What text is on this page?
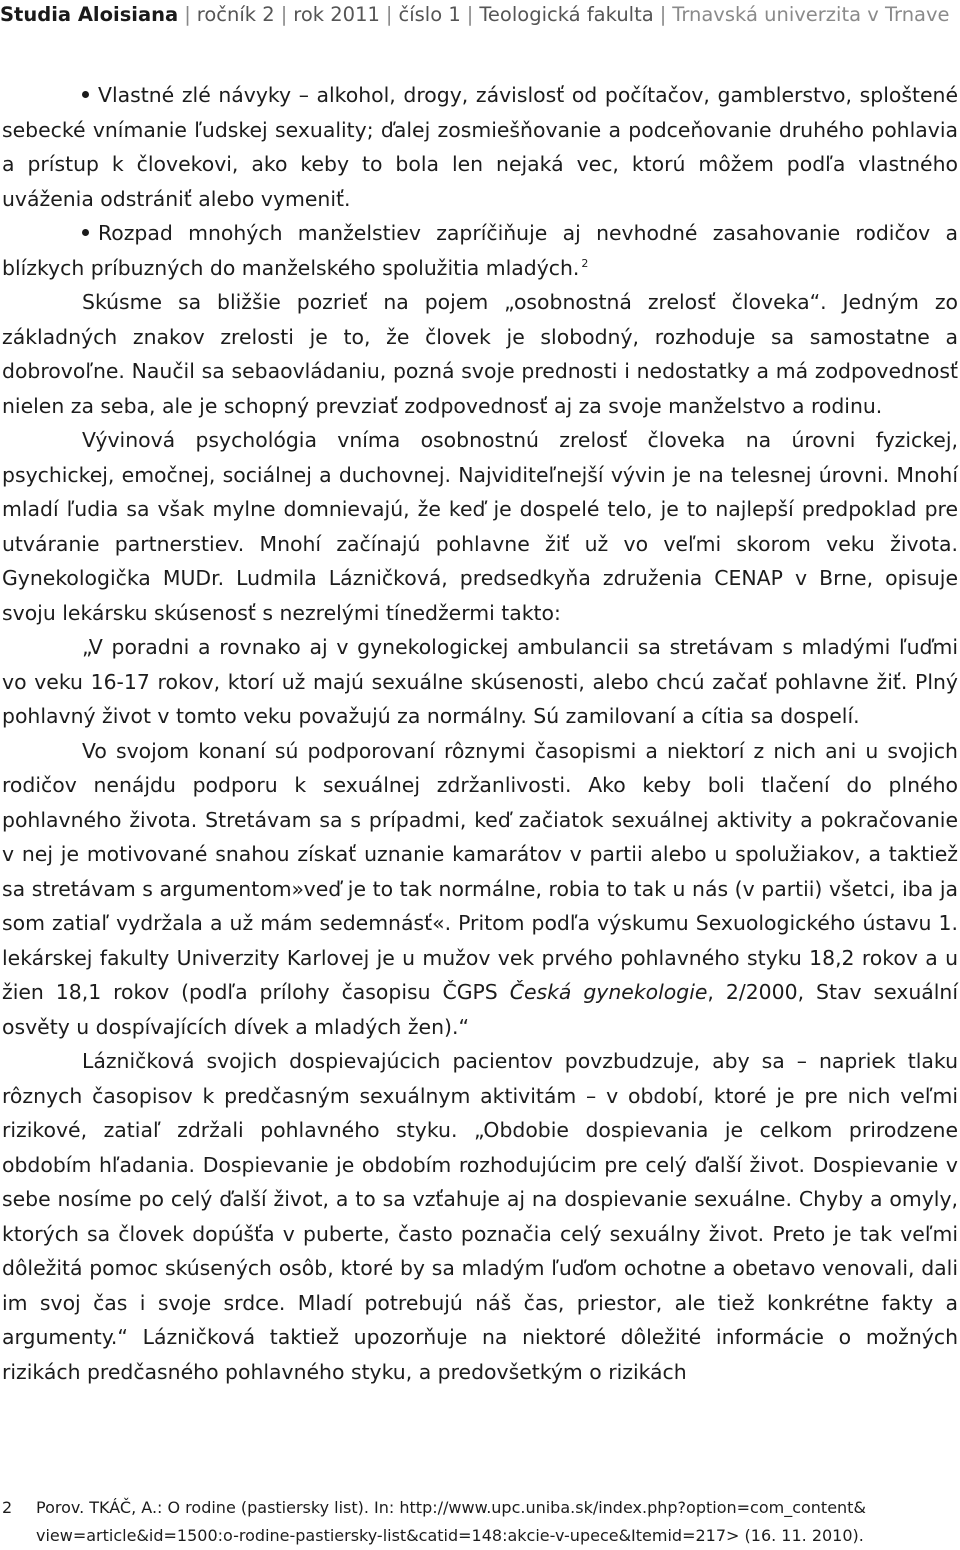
Studia Aloisiana | ročník 2 | rok 2011 | číslo 1 | Teologická fakulta | Trnavská univerzita v Trnave

Vlastné zlé návyky – alkohol, drogy, závislosť od počítačov, gamblerstvo, sploštené sebecké vnímanie ľudskej sexuality; ďalej zosmiešňovanie a podceňovanie druhého pohlavia a prístup k človekovi, ako keby to bola len nejaká vec, ktorú môžem podľa vlastného uváženia odstrániť alebo vymeniť.

Rozpad mnohých manželstiev zapríčiňuje aj nevhodné zasahovanie rodičov a blízkych príbuzných do manželského spolužitia mladých. $^2$

Skúsme sa bližšie pozrieť na pojem „osobnostná zrelosť človeka“. Jedným zo základných znakov zrelosti je to, že človek je slobodný, rozhoduje sa samostatne a dobrovoľne. Naučil sa sebaovládaniu, pozná svoje prednosti i nedostatky a má zodpovednosť nielen za seba, ale je schopný prevziať zodpovednosť aj za svoje manželstvo a rodinu.

Vývinová psychológia vníma osobnostnú zrelosť človeka na úrovni fyzickej, psychickej, emočnej, sociálnej a duchovnej. Najviditeľnejší vývin je na telesnej úrovni. Mnohí mladí ľudia sa však mylne domnievajú, že keď je dospelé telo, je to najlepší predpoklad pre utváranie partnerstiev. Mnohí začínajú pohlavne žiť už vo veľmi skorom veku života. Gynekologička MUDr. Ludmila Lázničková, predsedkyňa združenia CENAP v Brne, opisuje svoju lekársku skúsenosť s nezrelými tínedžermi takto:

„V poradni a rovnako aj v gynekologickej ambulancii sa stretávam s mladými ľuďmi vo veku 16-17 rokov, ktorí už majú sexuálne skúsenosti, alebo chcú začať pohlavne žiť. Plný pohlavný život v tomto veku považujú za normálny. Sú zamilovaní a cítia sa dospelí.

Vo svojom konaní sú podporovaní rôznymi časopismi a niektorí z nich ani u svojich rodičov nenájdu podporu k sexuálnej zdržanlivosti. Ako keby boli tlačení do plného pohlavného života. Stretávam sa s prípadmi, keď začiatok sexuálnej aktivity a pokračovanie v nej je motivované snahou získať uznanie kamarátov v partii alebo u spolužiakov, a taktiež sa stretávam s argumentom»veď je to tak normálne, robia to tak u nás (v partii) všetci, iba ja som zatiaľ vydržala a už mám sedemnásť«. Pritom podľa výskumu Sexuologického ústavu 1. lekárskej fakulty Univerzity Karlovej je u mužov vek prvého pohlavného styku 18,2 rokov a u žien 18,1 rokov (podľa prílohy časopisu ČGPS Česká gynekologie, 2/2000, Stav sexuální osvěty u dospívajících dívek a mladých žen).“

Lázničková svojich dospievajúcich pacientov povzbudzuje, aby sa – napriek tlaku rôznych časopisov k predčasným sexuálnym aktivitám – v období, ktoré je pre nich veľmi rizikové, zatiaľ zdržali pohlavného styku. „Obdobie dospievania je celkom prirodzene obdobím hľadania. Dospievanie je obdobím rozhodujúcim pre celý ďalší život. Dospievanie v sebe nosíme po celý ďalší život, a to sa vzťahuje aj na dospievanie sexuálne. Chyby a omyly, ktorých sa človek dopúšťa v puberte, často poznačia celý sexuálny život. Preto je tak veľmi dôležitá pomoc skúsených osôb, ktoré by sa mladým ľuďom ochotne a obetavo venovali, dali im svoj čas i svoje srdce. Mladí potrebujú náš čas, priestor, ale tiež konkrétne fakty a argumenty.“ Lázničková taktiež upozorňuje na niektoré dôležité informácie o možných rizikách predčasného pohlavného styku, a predovšetkým o rizikách

2 Porov. TKÁČ, A.: O rodine (pastiersky list). In: http://www.upc.uniba.sk/index.php?option=com_content&
view=article&id=1500:o-rodine-pastiersky-list&catid=148:akcie-v-upece&Itemid=217> (16. 11. 2010).
